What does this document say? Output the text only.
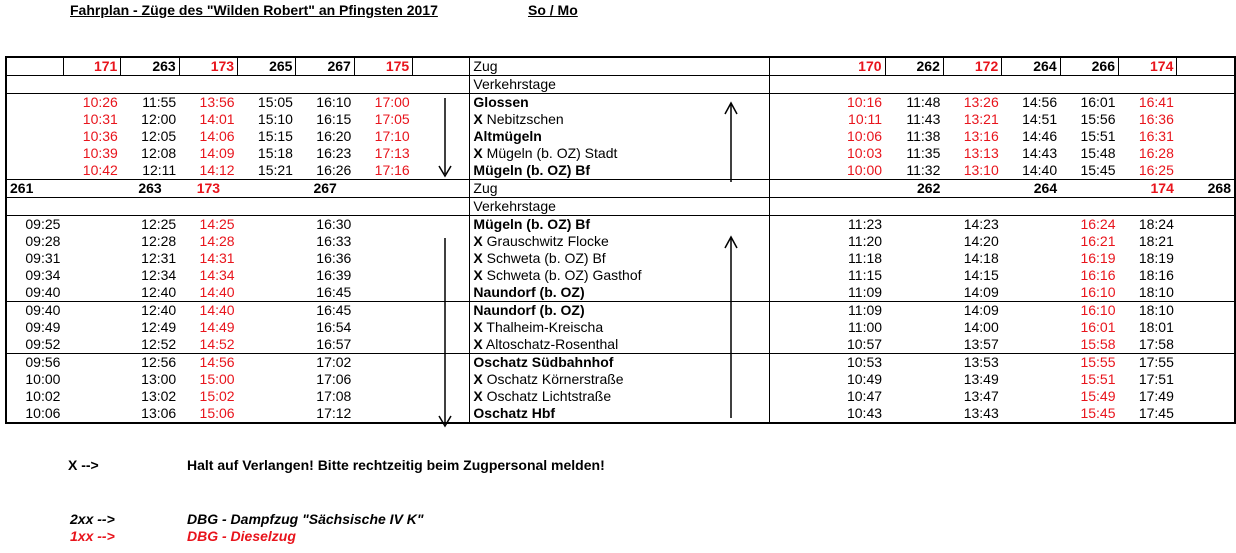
Fahrplan - Züge des "Wilden Robert" an Pfingsten 2017	So / Mo
	171	263	173	265	267	175		Zug		170	262	172	264	266	174	
								Verkehrstage								
	10:26	11:55	13:56	15:05	16:10	17:00		Glossen		10:16	11:48	13:26	14:56	16:01	16:41	
	10:31	12:00	14:01	15:10	16:15	17:05		X Nebitzschen		10:11	11:43	13:21	14:51	15:56	16:36	
	10:36	12:05	14:06	15:15	16:20	17:10		Altmügeln		10:06	11:38	13:16	14:46	15:51	16:31	
	10:39	12:08	14:09	15:18	16:23	17:13		X Mügeln (b. OZ) Stadt		10:03	11:35	13:13	14:43	15:48	16:28	
	10:42	12:11	14:12	15:21	16:26	17:16		Mügeln (b. OZ) Bf		10:00	11:32	13:10	14:40	15:45	16:25	
261		263	173		267			Zug			262		264		174	268
								Verkehrstage								
09:25		12:25	14:25		16:30			Mügeln (b. OZ) Bf		11:23		14:23		16:24	18:24	
09:28		12:28	14:28		16:33			X Grauschwitz Flocke		11:20		14:20		16:21	18:21	
09:31		12:31	14:31		16:36			X Schweta (b. OZ) Bf		11:18		14:18		16:19	18:19	
09:34		12:34	14:34		16:39			X Schweta (b. OZ) Gasthof		11:15		14:15		16:16	18:16	
09:40		12:40	14:40		16:45			Naundorf (b. OZ)		11:09		14:09		16:10	18:10	
09:40		12:40	14:40		16:45			Naundorf (b. OZ)		11:09		14:09		16:10	18:10	
09:49		12:49	14:49		16:54			X Thalheim-Kreischa		11:00		14:00		16:01	18:01	
09:52		12:52	14:52		16:57			X Altoschatz-Rosenthal		10:57		13:57		15:58	17:58	
09:56		12:56	14:56		17:02			Oschatz Südbahnhof		10:53		13:53		15:55	17:55	
10:00		13:00	15:00		17:06			X Oschatz Körnerstraße		10:49		13:49		15:51	17:51	
10:02		13:02	15:02		17:08			X Oschatz Lichtstraße		10:47		13:47		15:49	17:49	
10:06		13:06	15:06		17:12			Oschatz Hbf		10:43		13:43		15:45	17:45	
X -->	Halt auf Verlangen! Bitte rechtzeitig beim Zugpersonal melden!
2xx -->	DBG - Dampfzug "Sächsische IV K"
1xx -->	DBG - Dieselzug
